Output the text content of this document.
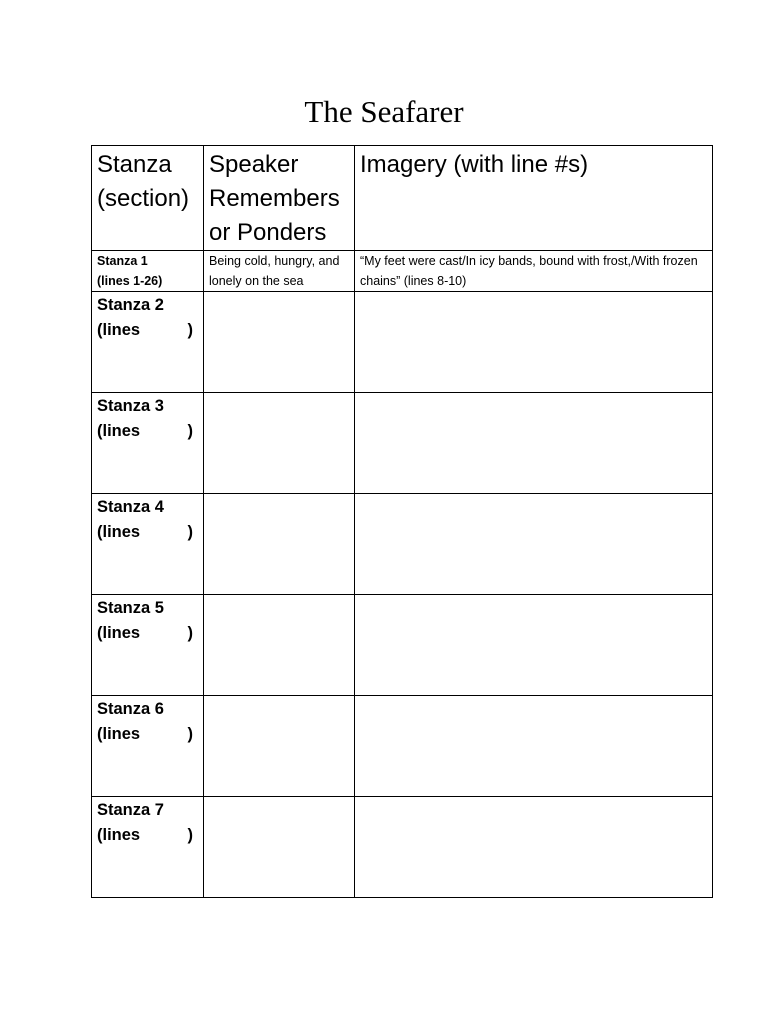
The Seafarer
Stanza (section)	Speaker Remembers or Ponders	Imagery (with line #s)

Stanza 1
(lines 1-26)	Being cold, hungry, and lonely on the sea	“My feet were cast/In icy bands, bound with frost,/With frozen chains” (lines 8-10)

Stanza 2
(lines )		

Stanza 3
(lines )		

Stanza 4
(lines )		

Stanza 5
(lines )		

Stanza 6
(lines )		

Stanza 7
(lines )		
